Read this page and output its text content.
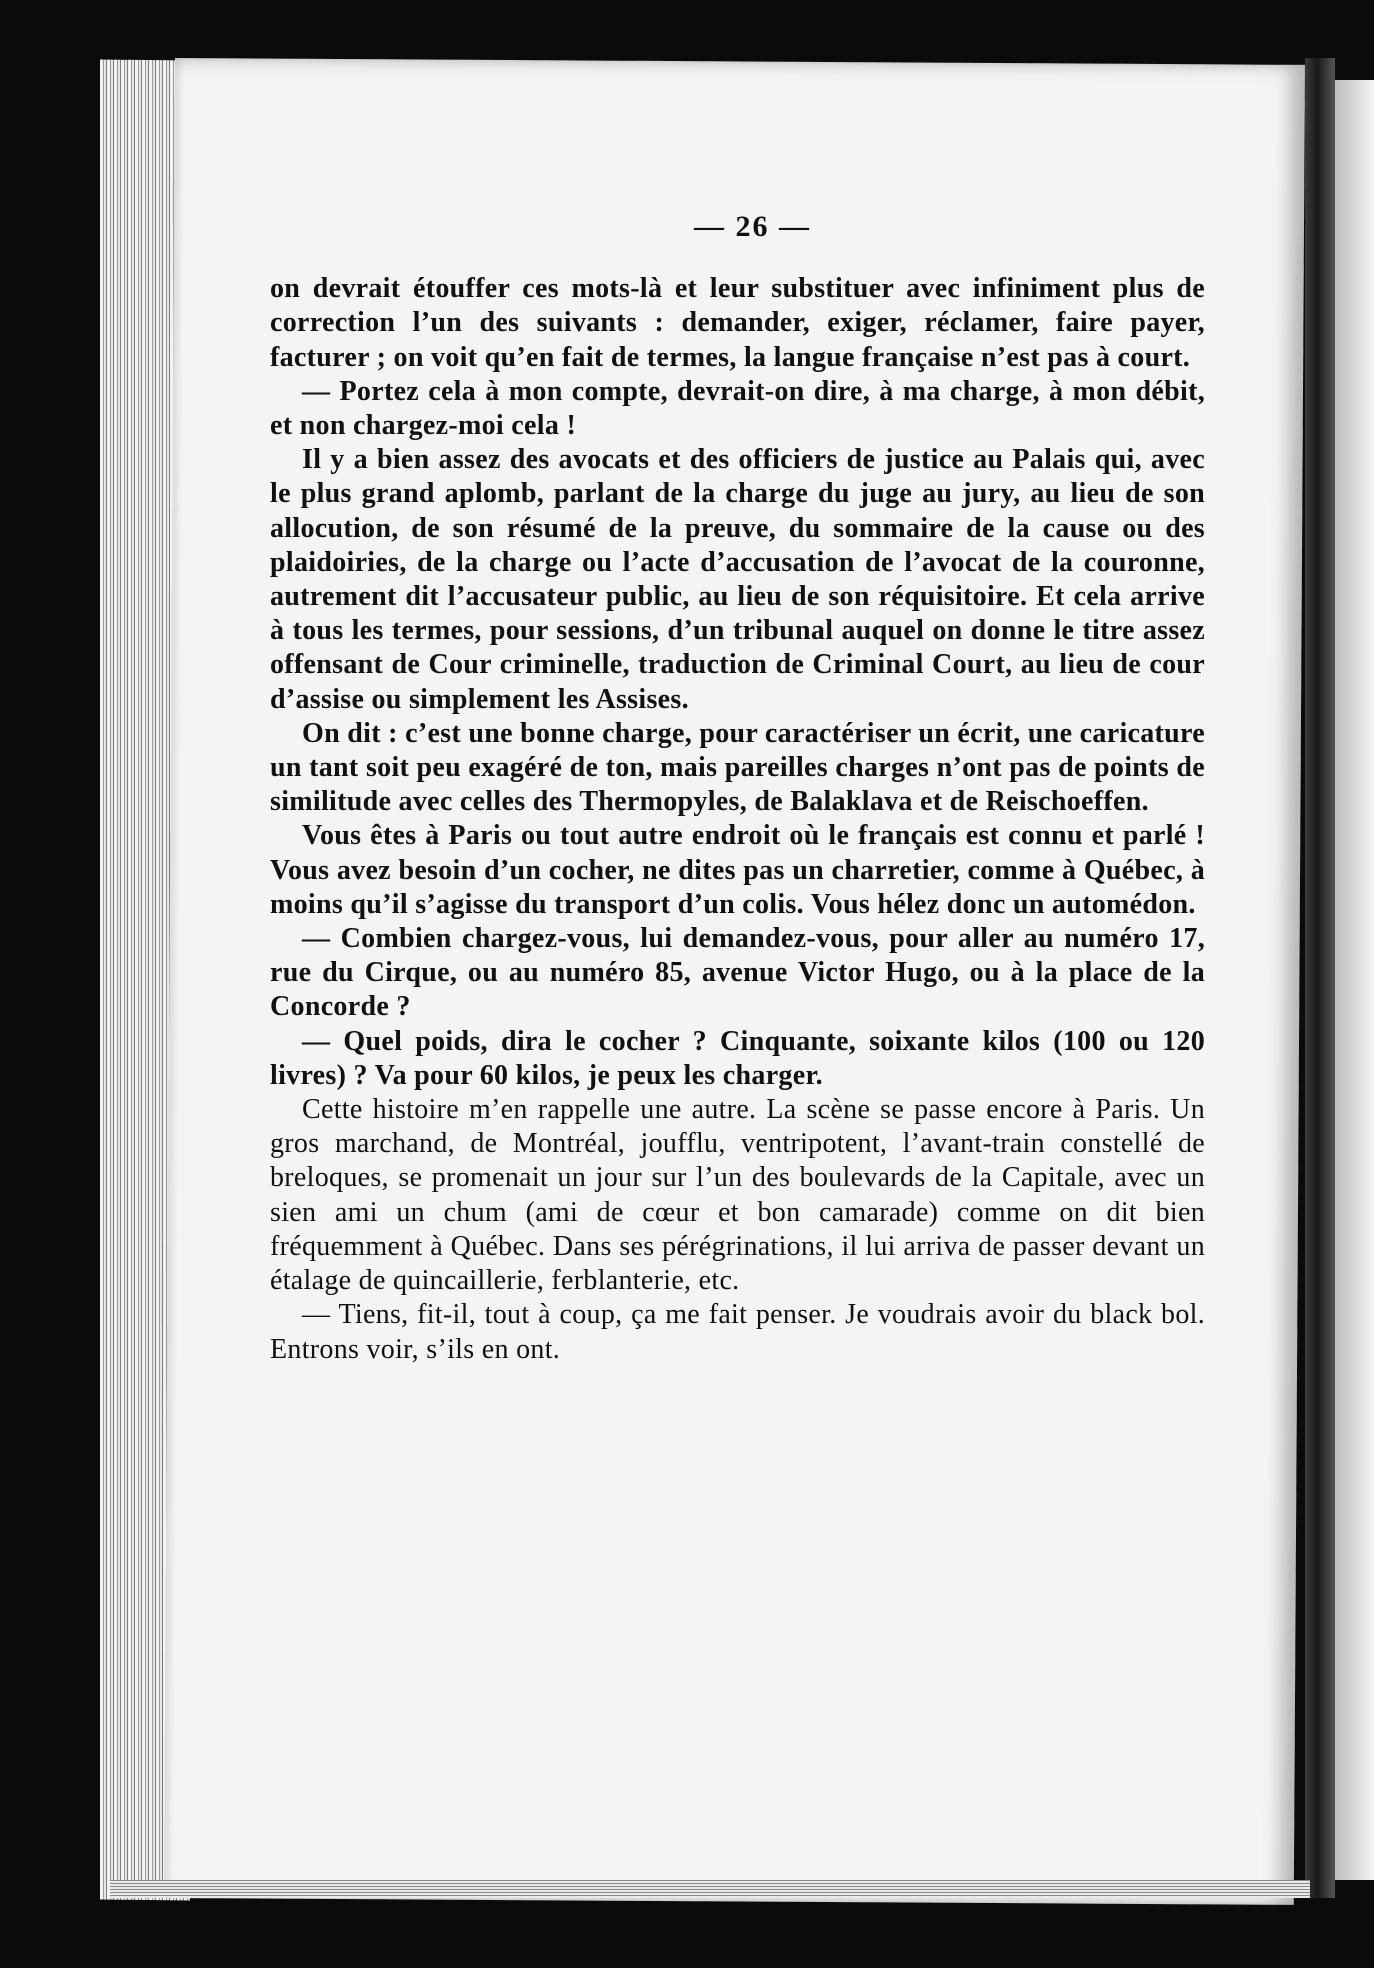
— 26 —

on devrait étouffer ces mots-là et leur substituer avec infiniment plus de correction l’un des suivants : demander, exiger, réclamer, faire payer, facturer ; on voit qu’en fait de termes, la langue française n’est pas à court.

— Portez cela à mon compte, devrait-on dire, à ma charge, à mon débit, et non chargez-moi cela !

Il y a bien assez des avocats et des officiers de justice au Palais qui, avec le plus grand aplomb, parlant de la charge du juge au jury, au lieu de son allocution, de son résumé de la preuve, du sommaire de la cause ou des plaidoiries, de la charge ou l’acte d’accusation de l’avocat de la couronne, autrement dit l’accusateur public, au lieu de son réquisitoire. Et cela arrive à tous les termes, pour sessions, d’un tribunal auquel on donne le titre assez offensant de Cour criminelle, traduction de Criminal Court, au lieu de cour d’assise ou simplement les Assises.

On dit : c’est une bonne charge, pour caractériser un écrit, une caricature un tant soit peu exagéré de ton, mais pareilles charges n’ont pas de points de similitude avec celles des Thermopyles, de Balaklava et de Reischoeffen.

Vous êtes à Paris ou tout autre endroit où le français est connu et parlé ! Vous avez besoin d’un cocher, ne dites pas un charretier, comme à Québec, à moins qu’il s’agisse du transport d’un colis. Vous hélez donc un automédon.

— Combien chargez-vous, lui demandez-vous, pour aller au numéro 17, rue du Cirque, ou au numéro 85, avenue Victor Hugo, ou à la place de la Concorde ?

— Quel poids, dira le cocher ? Cinquante, soixante kilos (100 ou 120 livres) ? Va pour 60 kilos, je peux les charger.

Cette histoire m’en rappelle une autre. La scène se passe encore à Paris. Un gros marchand, de Montréal, joufflu, ventripotent, l’avant-train constellé de breloques, se promenait un jour sur l’un des boulevards de la Capitale, avec un sien ami un chum (ami de cœur et bon camarade) comme on dit bien fréquemment à Québec. Dans ses pérégrinations, il lui arriva de passer devant un étalage de quincaillerie, ferblanterie, etc.

— Tiens, fit-il, tout à coup, ça me fait penser. Je voudrais avoir du black bol. Entrons voir, s’ils en ont.
